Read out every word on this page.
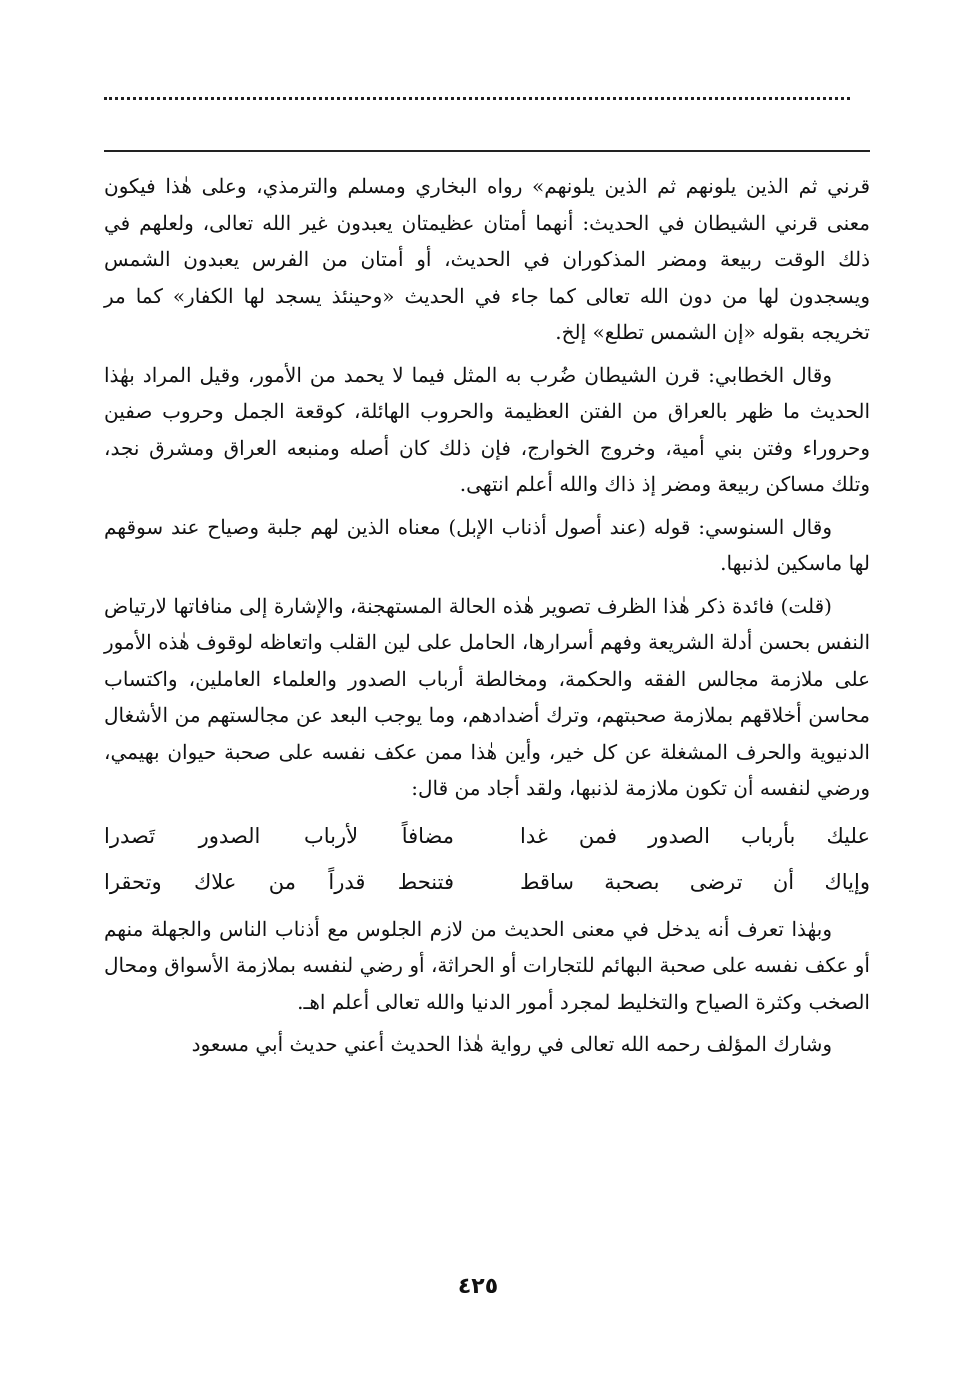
قرني ثم الذين يلونهم ثم الذين يلونهم» رواه البخاري ومسلم والترمذي، وعلى هٰذا فيكون معنى قرني الشيطان في الحديث: أنهما أمتان عظيمتان يعبدون غير الله تعالى، ولعلهم في ذلك الوقت ربيعة ومضر المذكوران في الحديث، أو أمتان من الفرس يعبدون الشمس ويسجدون لها من دون الله تعالى كما جاء في الحديث «وحينئذ يسجد لها الكفار» كما مر تخريجه بقوله «إن الشمس تطلع» إلخ.

وقال الخطابي: قرن الشيطان ضُرب به المثل فيما لا يحمد من الأمور، وقيل المراد بهٰذا الحديث ما ظهر بالعراق من الفتن العظيمة والحروب الهائلة، كوقعة الجمل وحروب صفين وحروراء وفتن بني أمية، وخروج الخوارج، فإن ذلك كان أصله ومنبعه العراق ومشرق نجد، وتلك مساكن ربيعة ومضر إذ ذاك والله أعلم انتهى.

وقال السنوسي: قوله (عند أصول أذناب الإبل) معناه الذين لهم جلبة وصياح عند سوقهم لها ماسكين لذنبها.

(قلت) فائدة ذكر هٰذا الظرف تصوير هٰذه الحالة المستهجنة، والإشارة إلى منافاتها لارتياض النفس بحسن أدلة الشريعة وفهم أسرارها، الحامل على لين القلب واتعاظه لوقوف هٰذه الأمور على ملازمة مجالس الفقه والحكمة، ومخالطة أرباب الصدور والعلماء العاملين، واكتساب محاسن أخلاقهم بملازمة صحبتهم، وترك أضدادهم، وما يوجب البعد عن مجالستهم من الأشغال الدنيوية والحرف المشغلة عن كل خير، وأين هٰذا ممن عكف نفسه على صحبة حيوان بهيمي، ورضي لنفسه أن تكون ملازمة لذنبها، ولقد أجاد من قال:

عليك بأرباب الصدور فمن غدا
مضافاً لأرباب الصدور تَصدرا
وإياك أن ترضى بصحبة ساقط
فتنحط قدراً من علاك وتحقرا

وبهٰذا تعرف أنه يدخل في معنى الحديث من لازم الجلوس مع أذناب الناس والجهلة منهم أو عكف نفسه على صحبة البهائم للتجارات أو الحراثة، أو رضي لنفسه بملازمة الأسواق ومحال الصخب وكثرة الصياح والتخليط لمجرد أمور الدنيا والله تعالى أعلم اهـ.

وشارك المؤلف رحمه الله تعالى في رواية هٰذا الحديث أعني حديث أبي مسعود

٤٢٥
